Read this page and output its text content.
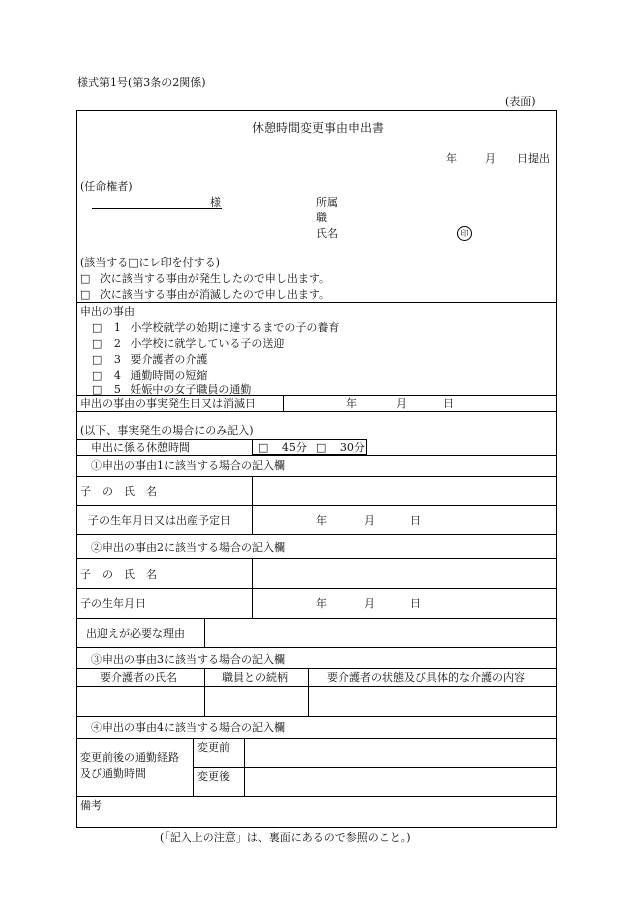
様式第1号(第3条の2関係)
(表面)
休憩時間変更事由申出書
年	月 日提出
(任命権者)
様	所属
職
氏名	印
(該当する□にレ印を付する)
□ 次に該当する事由が発生したので申し出ます。
□ 次に該当する事由が消滅したので申し出ます。
申出の事由
□ 1 小学校就学の始期に達するまでの子の養育
□ 2 小学校に就学している子の送迎
□ 3 要介護者の介護
□ 4 通勤時間の短縮
□ 5 妊娠中の女子職員の通勤
申出の事由の事実発生日又は消滅日	年	月	日
(以下、事実発生の場合にのみ記入)
申出に係る休憩時間	□ 45分 □ 30分
①申出の事由1に該当する場合の記入欄
子　の　氏　名
子の生年月日又は出産予定日	年	月	日
②申出の事由2に該当する場合の記入欄
子　の　氏　名
子の生年月日	年	月	日
出迎えが必要な理由
③申出の事由3に該当する場合の記入欄
要介護者の氏名	職員との続柄	要介護者の状態及び具体的な介護の内容
④申出の事由4に該当する場合の記入欄
変更前後の通勤経路
及び通勤時間
変更前
変更後
備考
(「記入上の注意」は、裏面にあるので参照のこと。)
